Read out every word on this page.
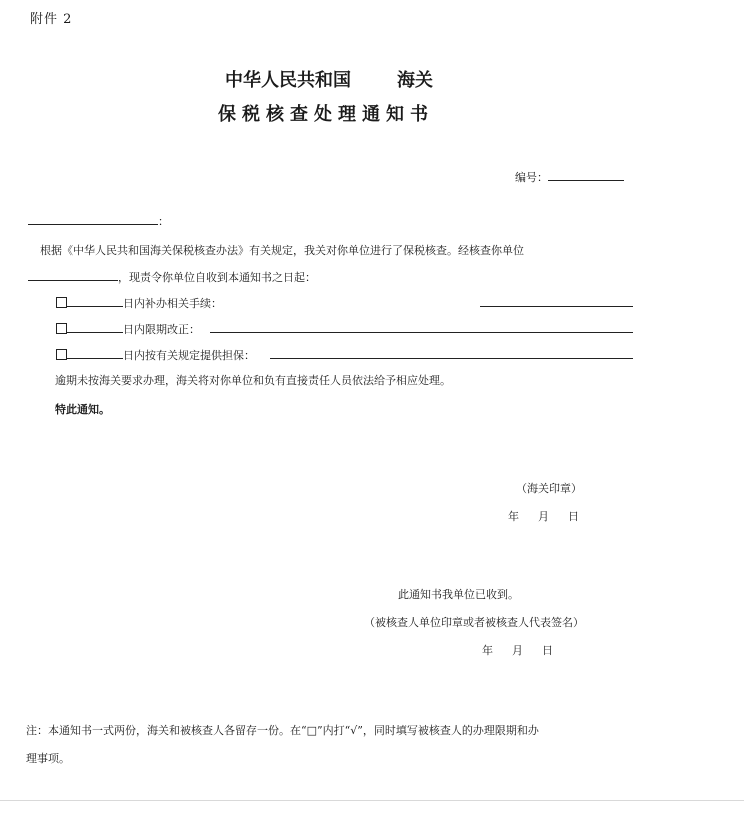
附件 2
中华人民共和国	海关
保税核查处理通知书
编号：
：
根据《中华人民共和国海关保税核查办法》有关规定，我关对你单位进行了保税核查。经核查你单位
，现责令你单位自收到本通知书之日起：
日内补办相关手续：
日内限期改正：
日内按有关规定提供担保：
逾期未按海关要求办理，海关将对你单位和负有直接责任人员依法给予相应处理。
特此通知。
（海关印章）
年　月　日
此通知书我单位已收到。
（被核查人单位印章或者被核查人代表签名）
年　月　日
注：本通知书一式两份，海关和被核查人各留存一份。在“□”内打“√”，同时填写被核查人的办理限期和办
理事项。
